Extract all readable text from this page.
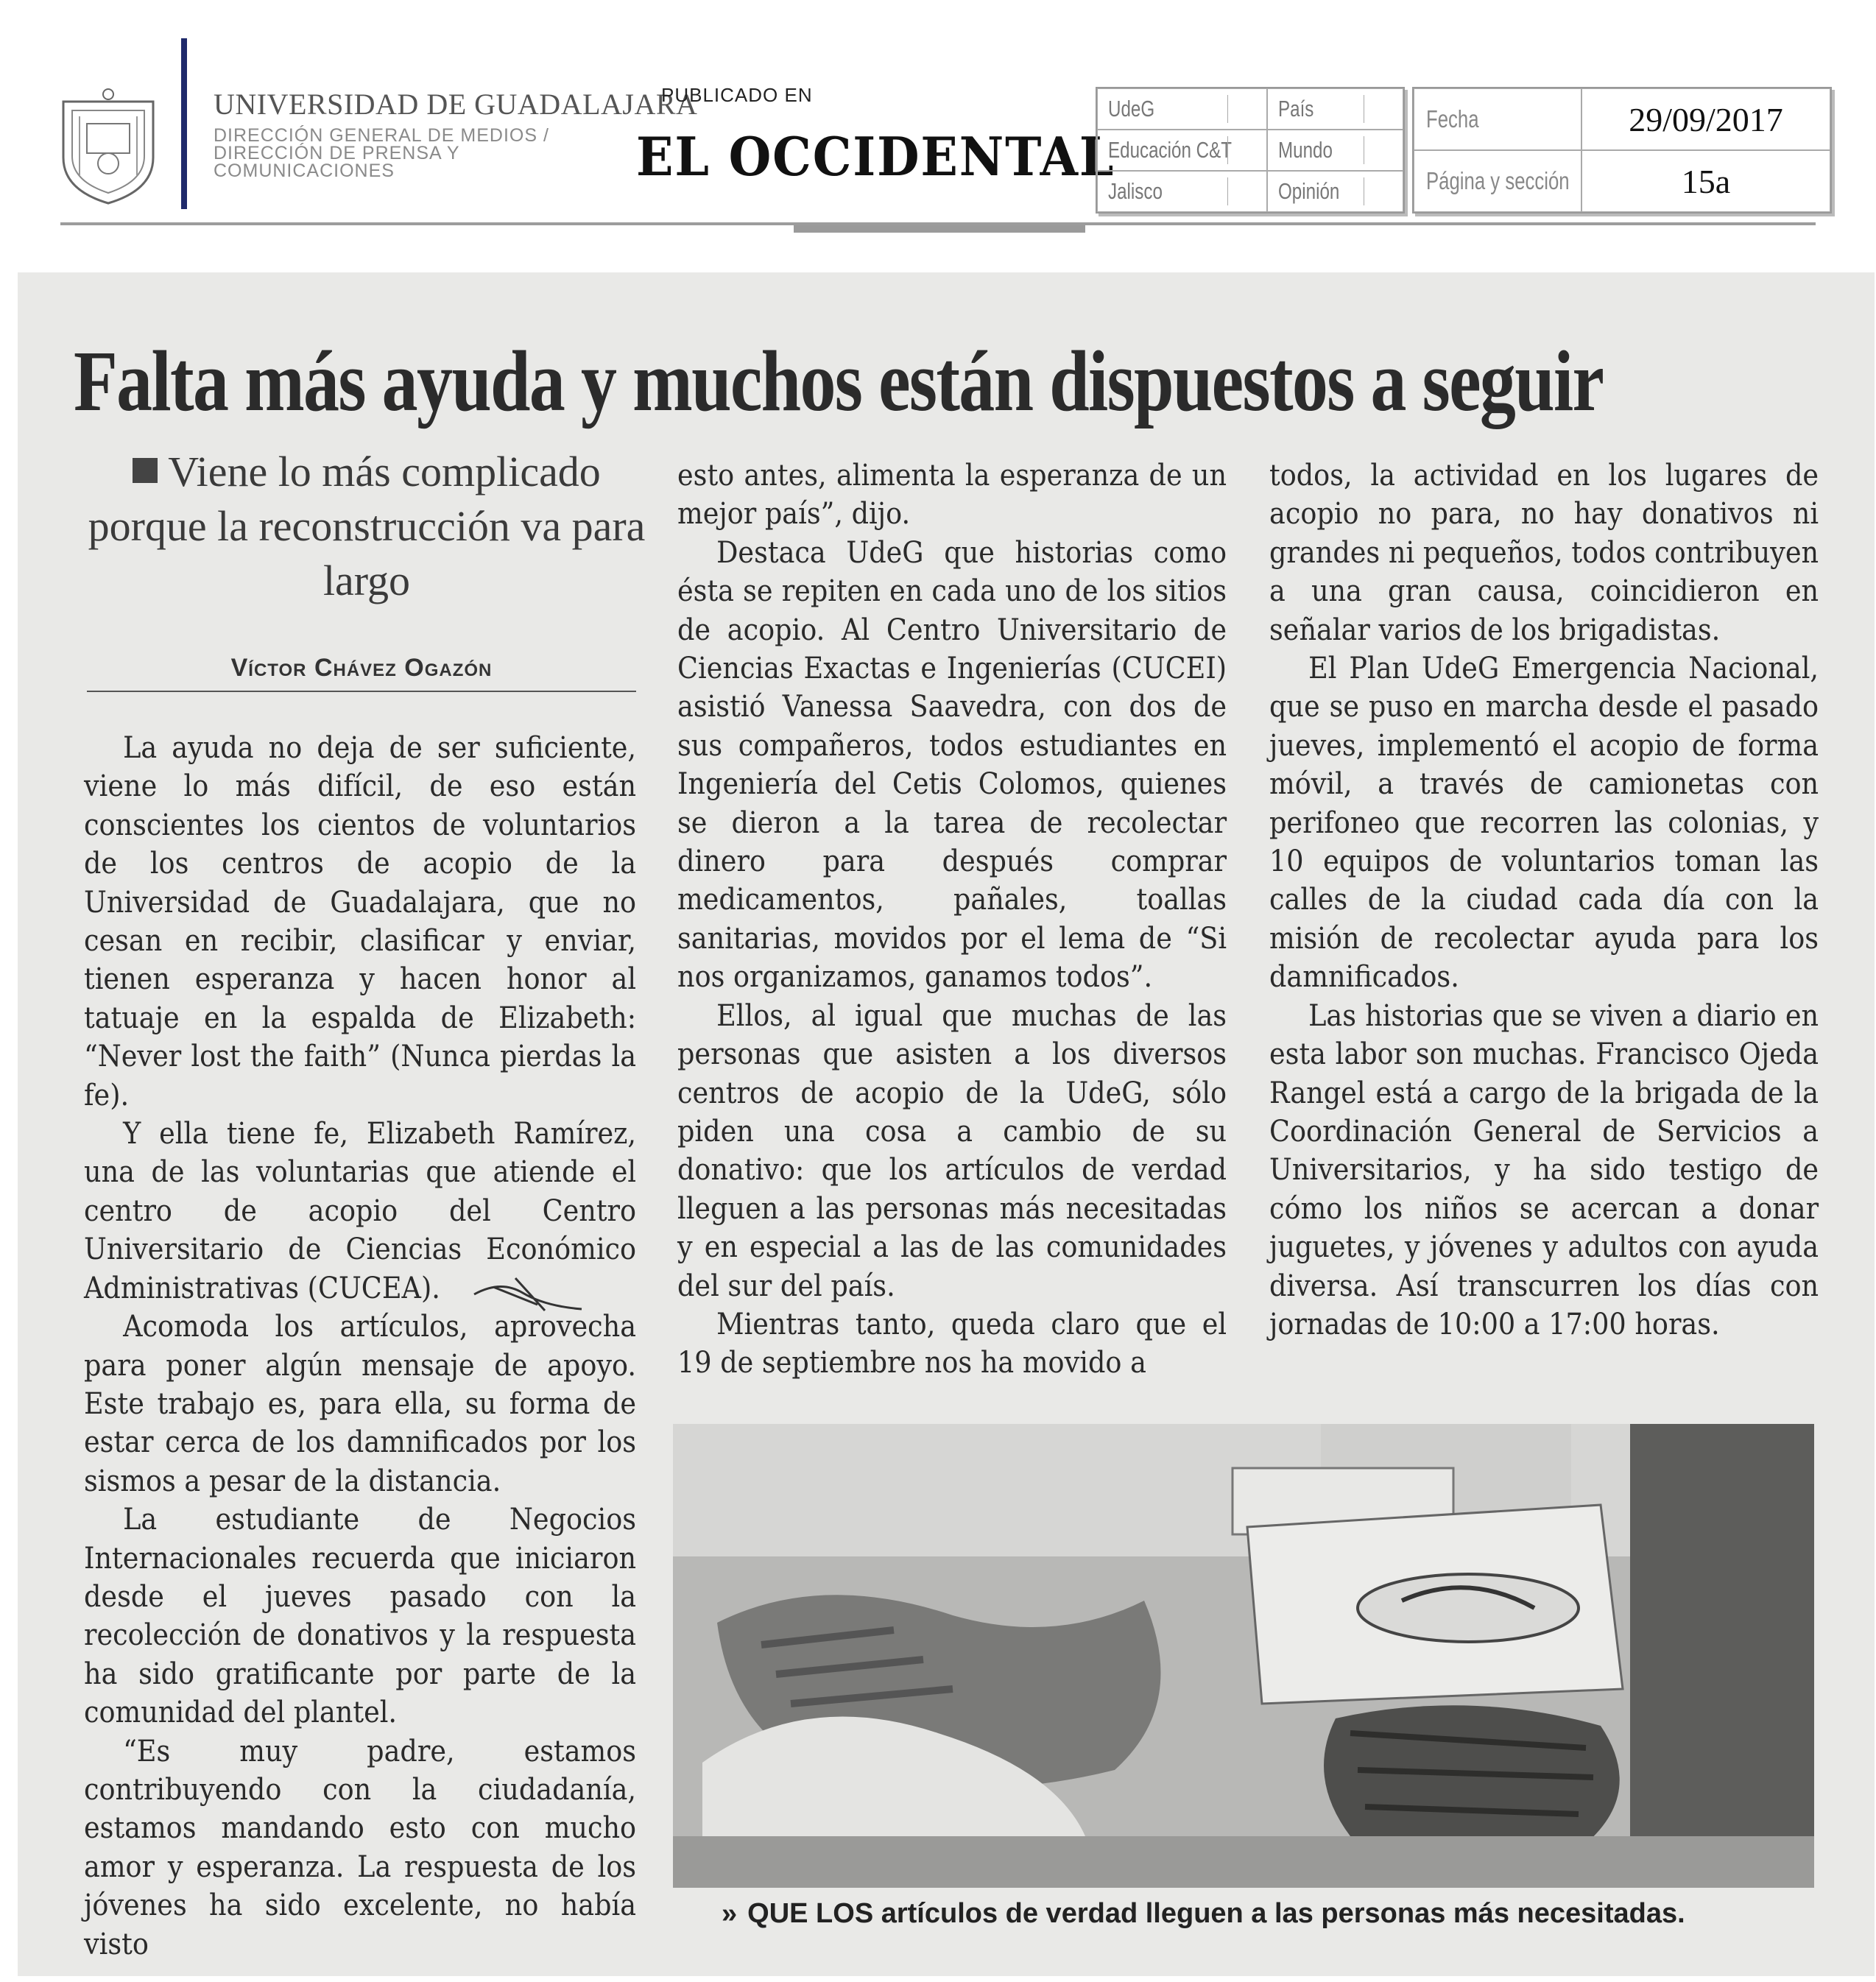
UNIVERSIDAD DE GUADALAJARA
DIRECCIÓN GENERAL DE MEDIOS / DIRECCIÓN DE PRENSA Y COMUNICACIONES
PUBLICADO EN
EL OCCIDENTAL
UdeG	País
Educación C&T Mundo
Jalisco	Opinión
Fecha	29/09/2017
Página y sección	15a
Falta más ayuda y muchos están dispuestos a seguir
Viene lo más complicado porque la reconstrucción va para largo
Víctor Chávez Ogazón

La ayuda no deja de ser suficiente, viene lo más difícil, de eso están conscientes los cientos de voluntarios de los centros de acopio de la Universidad de Guadalajara, que no cesan en recibir, clasificar y enviar, tienen esperanza y hacen honor al tatuaje en la espalda de Elizabeth: “Never lost the faith” (Nunca pierdas la fe).

Y ella tiene fe, Elizabeth Ramírez, una de las voluntarias que atiende el centro de acopio del Centro Universitario de Ciencias Económico Administrativas (CUCEA).

Acomoda los artículos, aprovecha para poner algún mensaje de apoyo. Este trabajo es, para ella, su forma de estar cerca de los damnificados por los sismos a pesar de la distancia.

La estudiante de Negocios Internacionales recuerda que iniciaron desde el jueves pasado con la recolección de donativos y la respuesta ha sido gratificante por parte de la comunidad del plantel.

“Es muy padre, estamos contribuyendo con la ciudadanía, estamos mandando esto con mucho amor y esperanza. La respuesta de los jóvenes ha sido excelente, no había visto

esto antes, alimenta la esperanza de un mejor país”, dijo.

Destaca UdeG que historias como ésta se repiten en cada uno de los sitios de acopio. Al Centro Universitario de Ciencias Exactas e Ingenierías (CUCEI) asistió Vanessa Saavedra, con dos de sus compañeros, todos estudiantes en Ingeniería del Cetis Colomos, quienes se dieron a la tarea de recolectar dinero para después comprar medicamentos, pañales, toallas sanitarias, movidos por el lema de “Si nos organizamos, ganamos todos”.

Ellos, al igual que muchas de las personas que asisten a los diversos centros de acopio de la UdeG, sólo piden una cosa a cambio de su donativo: que los artículos de verdad lleguen a las personas más necesitadas y en especial a las de las comunidades del sur del país.

Mientras tanto, queda claro que el 19 de septiembre nos ha movido a

todos, la actividad en los lugares de acopio no para, no hay donativos ni grandes ni pequeños, todos contribuyen a una gran causa, coincidieron en señalar varios de los brigadistas.

El Plan UdeG Emergencia Nacional, que se puso en marcha desde el pasado jueves, implementó el acopio de forma móvil, a través de camionetas con perifoneo que recorren las colonias, y 10 equipos de voluntarios toman las calles de la ciudad cada día con la misión de recolectar ayuda para los damnificados.

Las historias que se viven a diario en esta labor son muchas. Francisco Ojeda Rangel está a cargo de la brigada de la Coordinación General de Servicios a Universitarios, y ha sido testigo de cómo los niños se acercan a donar juguetes, y jóvenes y adultos con ayuda diversa. Así transcurren los días con jornadas de 10:00 a 17:00 horas.

» QUE LOS artículos de verdad lleguen a las personas más necesitadas.
